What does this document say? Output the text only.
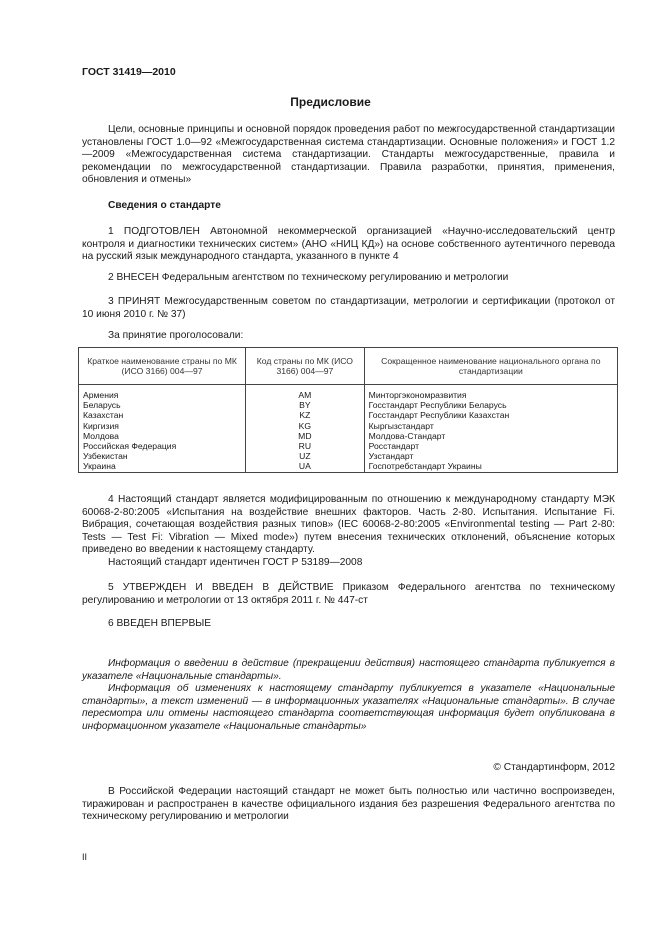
ГОСТ 31419—2010
Предисловие

Цели, основные принципы и основной порядок проведения работ по межгосударственной стандартизации установлены ГОСТ 1.0—92 «Межгосударственная система стандартизации. Основные положения» и ГОСТ 1.2—2009 «Межгосударственная система стандартизации. Стандарты межгосударственные, правила и рекомендации по межгосударственной стандартизации. Правила разработки, принятия, применения, обновления и отмены»

Сведения о стандарте

1 ПОДГОТОВЛЕН Автономной некоммерческой организацией «Научно-исследовательский центр контроля и диагностики технических систем» (АНО «НИЦ КД») на основе собственного аутентичного перевода на русский язык международного стандарта, указанного в пункте 4

2 ВНЕСЕН Федеральным агентством по техническому регулированию и метрологии

3 ПРИНЯТ Межгосударственным советом по стандартизации, метрологии и сертификации (протокол от 10 июня 2010 г. № 37)

За принятие проголосовали:
Краткое наименование страны по МК (ИСО 3166) 004—97	Код страны по МК (ИСО 3166) 004—97	Сокращенное наименование национального органа по стандартизации
Армения	AM	Минторгэкономразвития
Беларусь	BY	Госстандарт Республики Беларусь
Казахстан	KZ	Госстандарт Республики Казахстан
Киргизия	KG	Кыргызстандарт
Молдова	MD	Молдова-Стандарт
Российская Федерация	RU	Росстандарт
Узбекистан	UZ	Узстандарт
Украина	UA	Госпотребстандарт Украины

4 Настоящий стандарт является модифицированным по отношению к международному стандарту МЭК 60068-2-80:2005 «Испытания на воздействие внешних факторов. Часть 2-80. Испытания. Испытание Fi. Вибрация, сочетающая воздействия разных типов» (IEC 60068-2-80:2005 «Environmental testing — Part 2-80: Tests — Test Fi: Vibration — Mixed mode») путем внесения технических отклонений, объяснение которых приведено во введении к настоящему стандарту.

Настоящий стандарт идентичен ГОСТ Р 53189—2008

5 УТВЕРЖДЕН И ВВЕДЕН В ДЕЙСТВИЕ Приказом Федерального агентства по техническому регулированию и метрологии от 13 октября 2011 г. № 447-ст

6 ВВЕДЕН ВПЕРВЫЕ

Информация о введении в действие (прекращении действия) настоящего стандарта публикуется в указателе «Национальные стандарты».

Информация об изменениях к настоящему стандарту публикуется в указателе «Национальные стандарты», а текст изменений — в информационных указателях «Национальные стандарты». В случае пересмотра или отмены настоящего стандарта соответствующая информация будет опубликована в информационном указателе «Национальные стандарты»

© Стандартинформ, 2012

В Российской Федерации настоящий стандарт не может быть полностью или частично воспроизведен, тиражирован и распространен в качестве официального издания без разрешения Федерального агентства по техническому регулированию и метрологии

II
